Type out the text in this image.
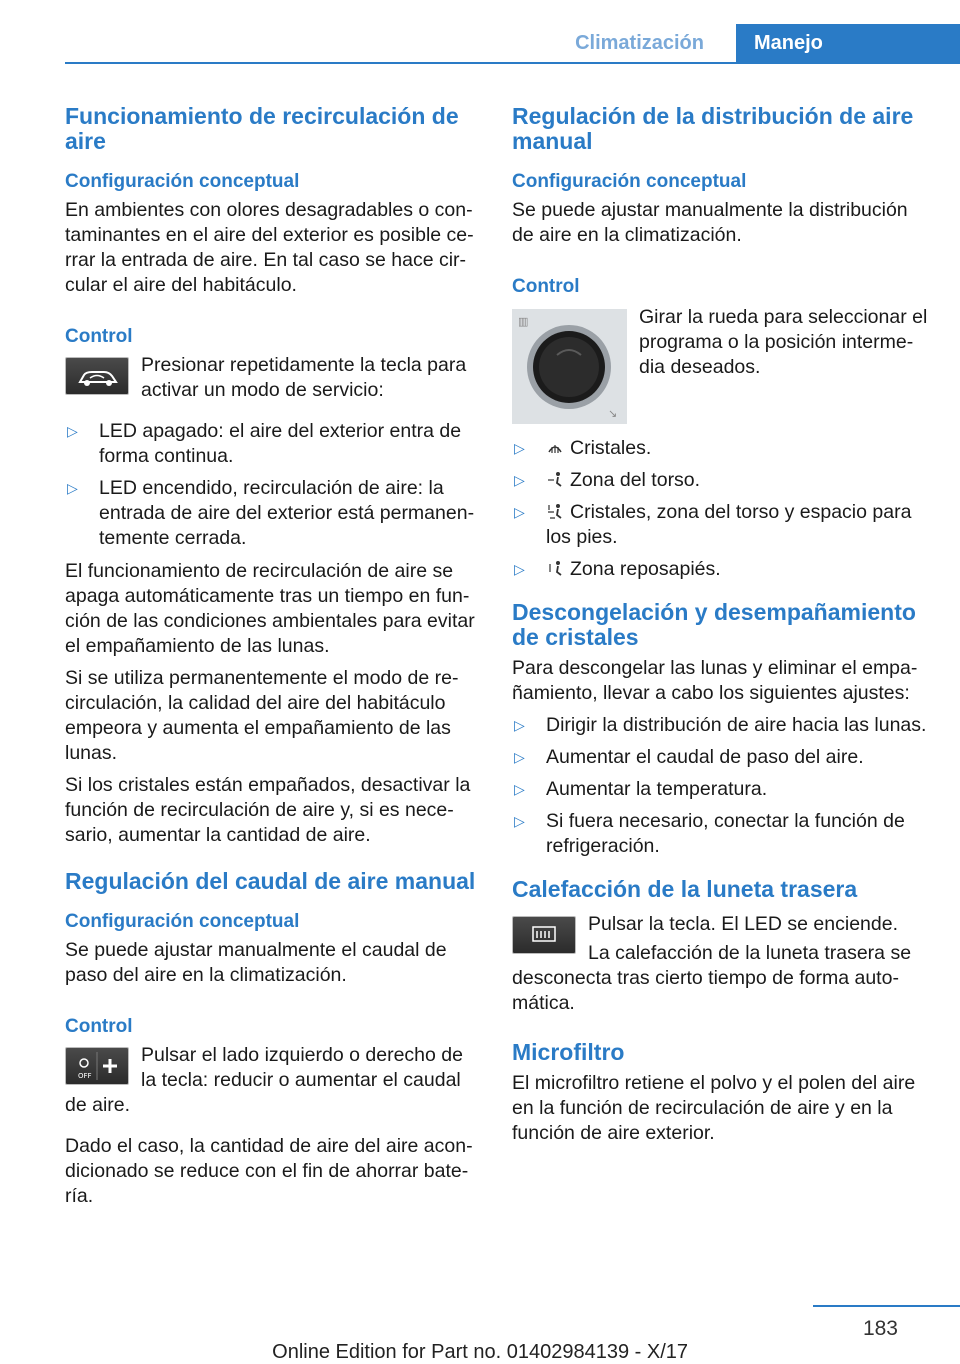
Climatización	Manejo
Funcionamiento de recirculación de aire
Configuración conceptual

En ambientes con olores desagradables o contaminantes en el aire del exterior es posible cerrar la entrada de aire. En tal caso se hace circular el aire del habitáculo.

Control

Presionar repetidamente la tecla para activar un modo de servicio:

▷ LED apagado: el aire del exterior entra de forma continua.
▷ LED encendido, recirculación de aire: la entrada de aire del exterior está permanentemente cerrada.

El funcionamiento de recirculación de aire se apaga automáticamente tras un tiempo en función de las condiciones ambientales para evitar el empañamiento de las lunas.

Si se utiliza permanentemente el modo de recirculación, la calidad del aire del habitáculo empeora y aumenta el empañamiento de las lunas.

Si los cristales están empañados, desactivar la función de recirculación de aire y, si es necesario, aumentar la cantidad de aire.

Regulación del caudal de aire manual
Configuración conceptual

Se puede ajustar manualmente el caudal de paso del aire en la climatización.

Control
OFF

Pulsar el lado izquierdo o derecho de la tecla: reducir o aumentar el caudal de aire.

Dado el caso, la cantidad de aire del aire acondicionado se reduce con el fin de ahorrar batería.

Regulación de la distribución de aire manual
Configuración conceptual

Se puede ajustar manualmente la distribución de aire en la climatización.

Control
▥
↘

Girar la rueda para seleccionar el programa o la posición intermedia deseados.

▷ Cristales.
▷ Zona del torso.
▷ Cristales, zona del torso y espacio para los pies.
▷ Zona reposapiés.
Descongelación y desempañamiento de cristales

Para descongelar las lunas y eliminar el empañamiento, llevar a cabo los siguientes ajustes:

▷ Dirigir la distribución de aire hacia las lunas.
▷ Aumentar el caudal de paso del aire.
▷ Aumentar la temperatura.
▷ Si fuera necesario, conectar la función de refrigeración.
Calefacción de la luneta trasera

Pulsar la tecla. El LED se enciende.

La calefacción de la luneta trasera se desconecta tras cierto tiempo de forma automática.

Microfiltro

El microfiltro retiene el polvo y el polen del aire en la función de recirculación de aire y en la función de aire exterior.

183
Online Edition for Part no. 01402984139 - X/17
